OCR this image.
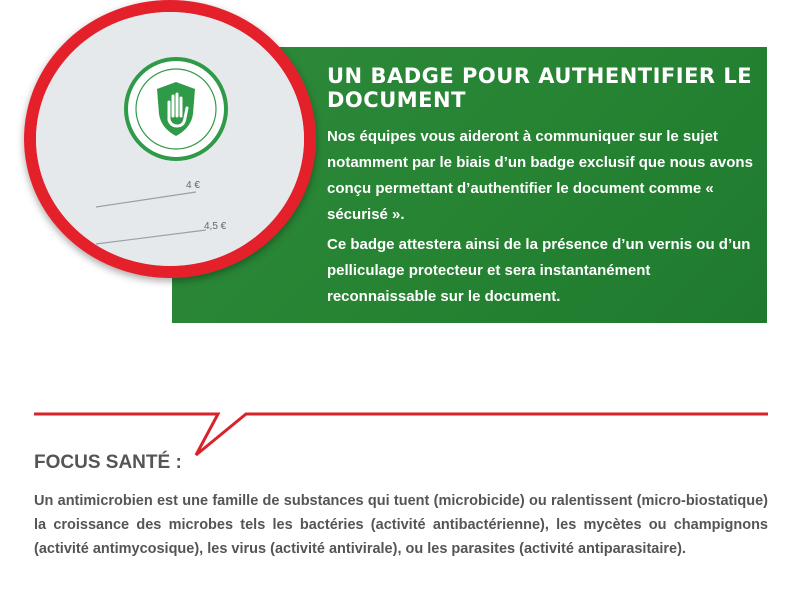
UN BADGE POUR AUTHENTIFIER LE DOCUMENT
Nos équipes vous aideront à communiquer sur le sujet notamment par le biais d’un badge exclusif que nous avons conçu permettant d’authentifier le document comme « sécurisé ».
Ce badge attestera ainsi de la présence d’un vernis ou d’un pelliculage protecteur et sera instantanément reconnaissable sur le document.
4 €
4,5 €
FOCUS SANTÉ :
Un antimicrobien est une famille de substances qui tuent (microbicide) ou ralentissent (micro-biostatique) la croissance des microbes tels les bactéries (activité antibactérienne), les mycètes ou champignons (activité antimycosique), les virus (activité antivirale), ou les parasites (activité antiparasitaire).
